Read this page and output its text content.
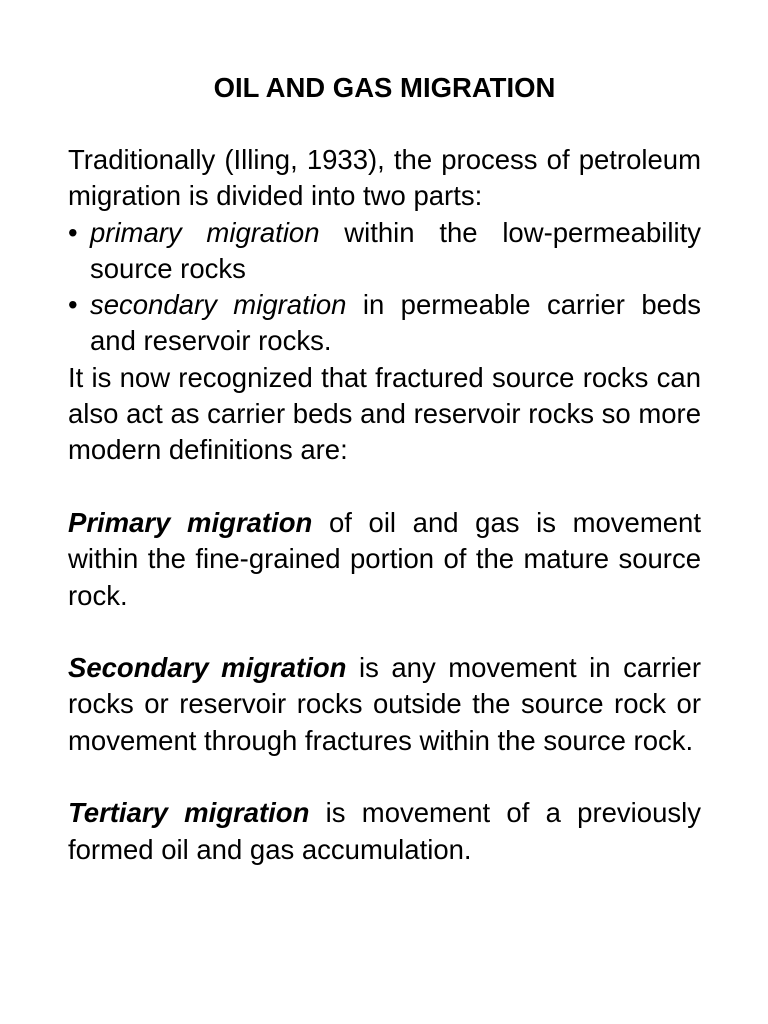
OIL AND GAS MIGRATION

Traditionally (Illing, 1933), the process of petroleum migration is divided into two parts:

• primary migration within the low-permeability source rocks
• secondary migration in permeable carrier beds and reservoir rocks.

It is now recognized that fractured source rocks can also act as carrier beds and reservoir rocks so more modern definitions are:

Primary migration of oil and gas is movement within the fine-grained portion of the mature source rock.

Secondary migration is any movement in carrier rocks or reservoir rocks outside the source rock or movement through fractures within the source rock.

Tertiary migration is movement of a previously formed oil and gas accumulation.
